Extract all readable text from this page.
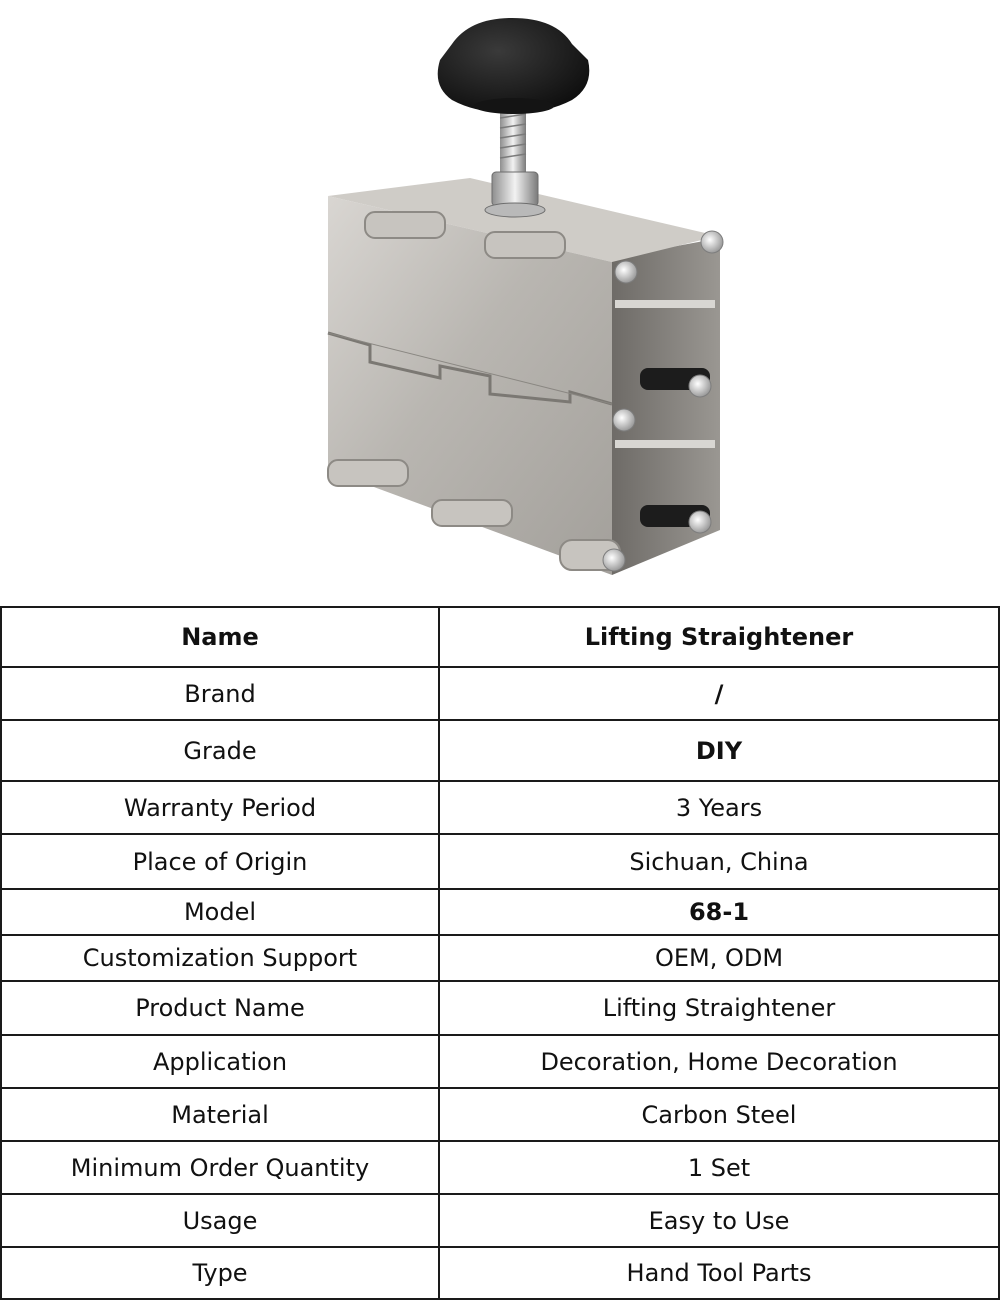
Name	Lifting Straightener
Brand	/
Grade	DIY
Warranty Period	3 Years
Place of Origin	Sichuan, China
Model	68-1
Customization Support	OEM, ODM
Product Name	Lifting Straightener
Application	Decoration, Home Decoration
Material	Carbon Steel
Minimum Order Quantity	1 Set
Usage	Easy to Use
Type	Hand Tool Parts
